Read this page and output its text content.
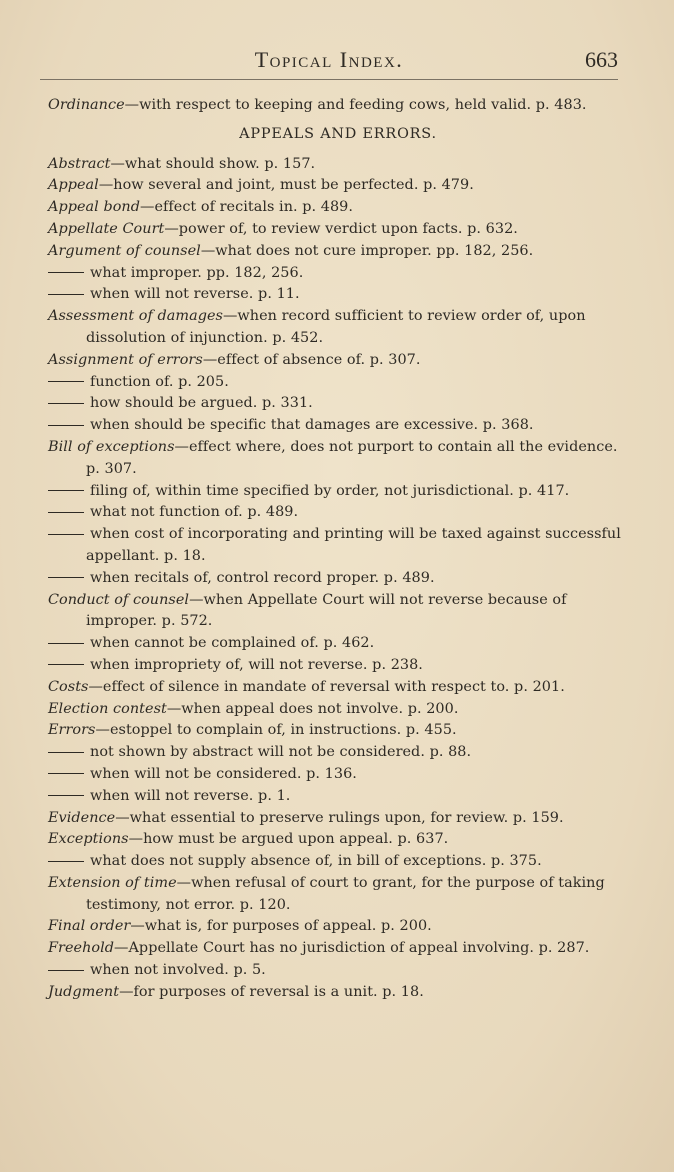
Topical Index.	663

Ordinance—with respect to keeping and feeding cows, held valid. p. 483.

APPEALS AND ERRORS.

Abstract—what should show. p. 157.

Appeal—how several and joint, must be perfected. p. 479.

Appeal bond—effect of recitals in. p. 489.

Appellate Court—power of, to review verdict upon facts. p. 632.

Argument of counsel—what does not cure improper. pp. 182, 256.

what improper. pp. 182, 256.

when will not reverse. p. 11.

Assessment of damages—when record sufficient to review order of, upon dissolution of injunction. p. 452.

Assignment of errors—effect of absence of. p. 307.

function of. p. 205.

how should be argued. p. 331.

when should be specific that damages are excessive. p. 368.

Bill of exceptions—effect where, does not purport to contain all the evidence. p. 307.

filing of, within time specified by order, not jurisdictional. p. 417.

what not function of. p. 489.

when cost of incorporating and printing will be taxed against successful appellant. p. 18.

when recitals of, control record proper. p. 489.

Conduct of counsel—when Appellate Court will not reverse because of improper. p. 572.

when cannot be complained of. p. 462.

when impropriety of, will not reverse. p. 238.

Costs—effect of silence in mandate of reversal with respect to. p. 201.

Election contest—when appeal does not involve. p. 200.

Errors—estoppel to complain of, in instructions. p. 455.

not shown by abstract will not be considered. p. 88.

when will not be considered. p. 136.

when will not reverse. p. 1.

Evidence—what essential to preserve rulings upon, for review. p. 159.

Exceptions—how must be argued upon appeal. p. 637.

what does not supply absence of, in bill of exceptions. p. 375.

Extension of time—when refusal of court to grant, for the purpose of taking testimony, not error. p. 120.

Final order—what is, for purposes of appeal. p. 200.

Freehold—Appellate Court has no jurisdiction of appeal involving. p. 287.

when not involved. p. 5.

Judgment—for purposes of reversal is a unit. p. 18.
